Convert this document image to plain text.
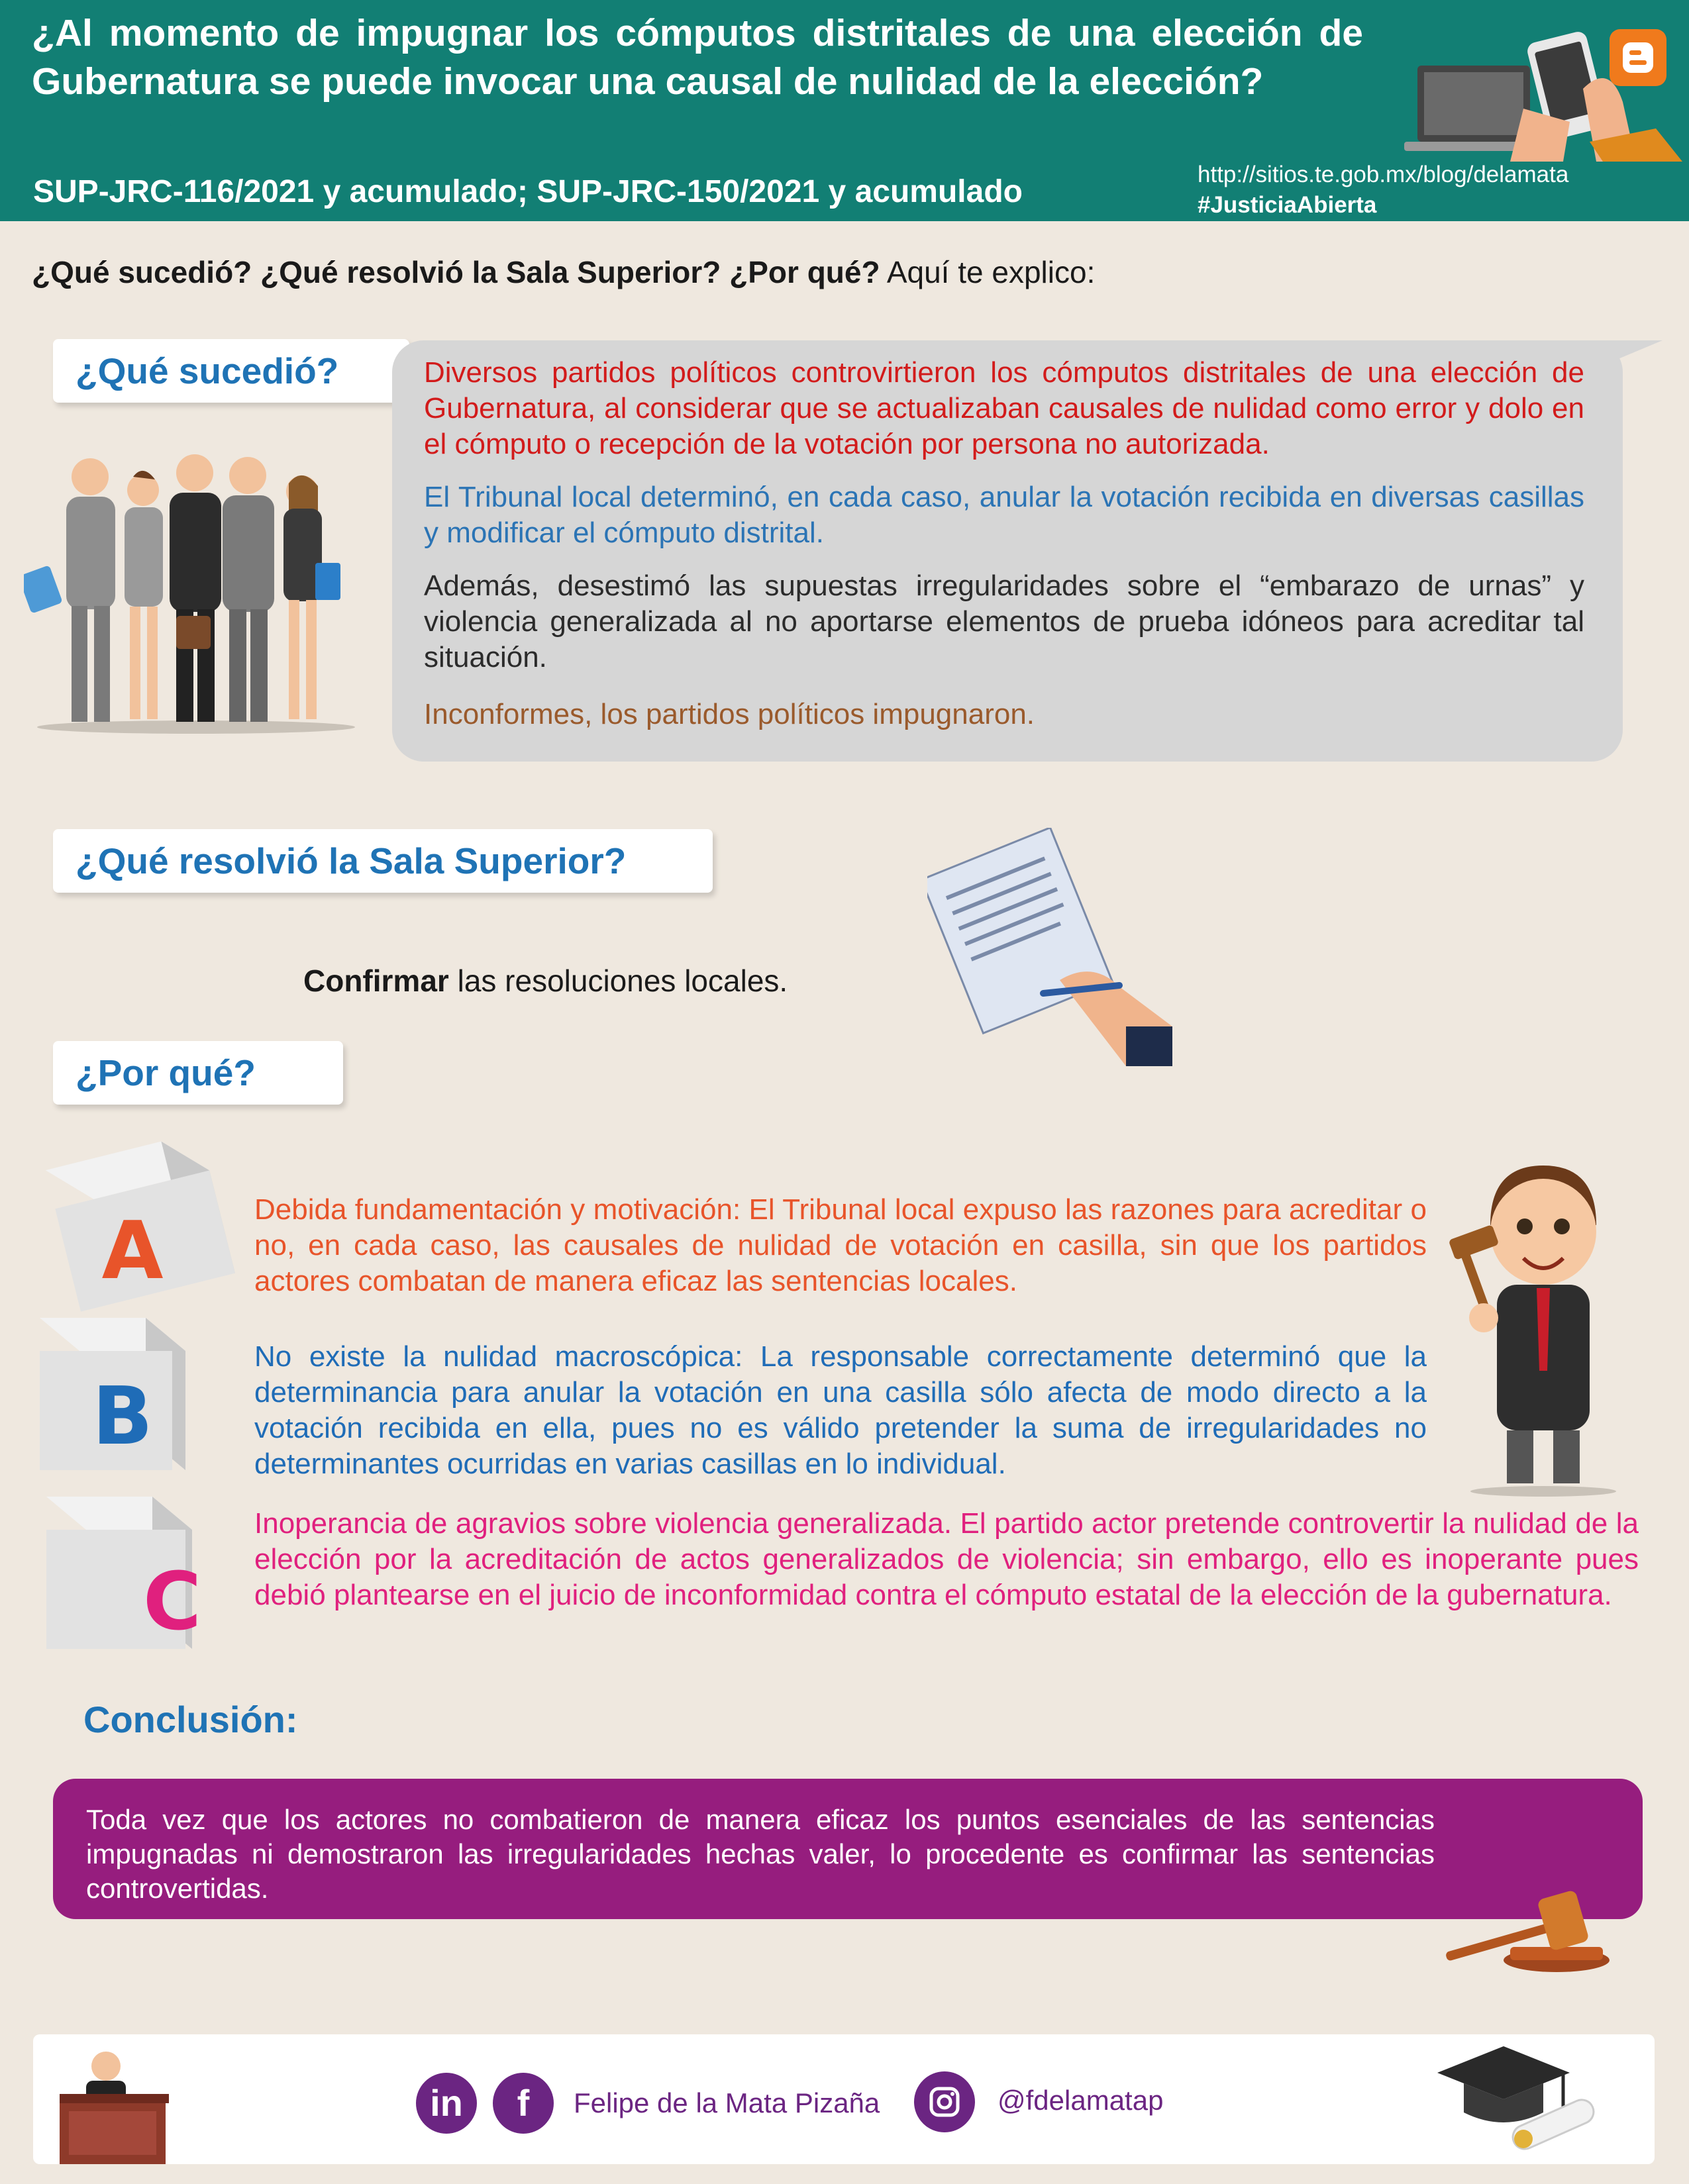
¿Al momento de impugnar los cómputos distritales de una elección de Gubernatura se puede invocar una causal de nulidad de la elección?
SUP-JRC-116/2021 y acumulado; SUP-JRC-150/2021 y acumulado	http://sitios.te.gob.mx/blog/delamata
#JusticiaAbierta
¿Qué sucedió? ¿Qué resolvió la Sala Superior? ¿Por qué? Aquí te explico:
¿Qué sucedió?	Diversos partidos políticos controvirtieron los cómputos distritales de una elección de Gubernatura, al considerar que se actualizaban causales de nulidad como error y dolo en el cómputo o recepción de la votación por persona no autorizada.

El Tribunal local determinó, en cada caso, anular la votación recibida en diversas casillas y modificar el cómputo distrital.

Además, desestimó las supuestas irregularidades sobre el “embarazo de urnas” y violencia generalizada al no aportarse elementos de prueba idóneos para acreditar tal situación.

Inconformes, los partidos políticos impugnaron.

¿Qué resolvió la Sala Superior?
Confirmar las resoluciones locales.
¿Por qué?
A
B
C

Debida fundamentación y motivación: El Tribunal local expuso las razones para acreditar o no, en cada caso, las causales de nulidad de votación en casilla, sin que los partidos actores combatan de manera eficaz las sentencias locales.

No existe la nulidad macroscópica: La responsable correctamente determinó que la determinancia para anular la votación en una casilla sólo afecta de modo directo a la votación recibida en ella, pues no es válido pretender la suma de irregularidades no determinantes ocurridas en varias casillas en lo individual.

Inoperancia de agravios sobre violencia generalizada. El partido actor pretende controvertir la nulidad de la elección por la acreditación de actos generalizados de violencia; sin embargo, ello es inoperante pues debió plantearse en el juicio de inconformidad contra el cómputo estatal de la elección de la gubernatura.

Conclusión:

Toda vez que los actores no combatieron de manera eficaz los puntos esenciales de las sentencias impugnadas ni demostraron las irregularidades hechas valer, lo procedente es confirmar las sentencias controvertidas.

in	f	Felipe de la Mata Pizaña	@fdelamatap
